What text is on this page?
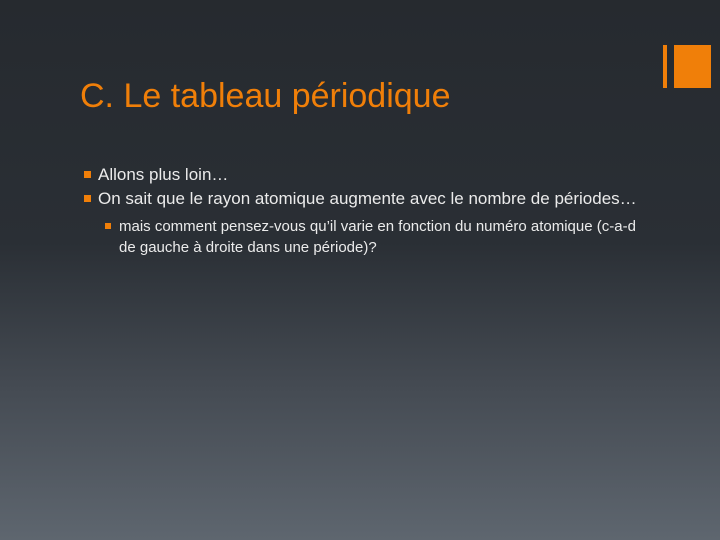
C. Le tableau périodique
Allons plus loin…
On sait que le rayon atomique augmente avec le nombre de périodes…
mais comment pensez-vous qu’il varie en fonction du numéro atomique (c-a-d de gauche à droite dans une période)?
